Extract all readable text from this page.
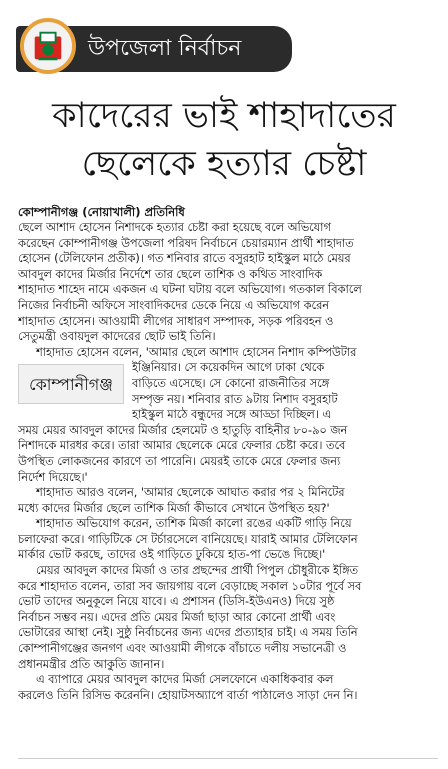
উপজেলা নির্বাচন
কাদেরের ভাই শাহাদাতের
ছেলেকে হত্যার চেষ্টা
কোম্পানীগঞ্জ (নোয়াখালী) প্রতিনিধি

ছেলে আশাদ হোসেন নিশাদকে হত্যার চেষ্টা করা হয়েছে বলে অভিযোগ
করেছেন কোম্পানীগঞ্জ উপজেলা পরিষদ নির্বাচনে চেয়ারম্যান প্রার্থী শাহাদাত
হোসেন (টেলিফোন প্রতীক)। গত শনিবার রাতে বসুরহাট হাইস্কুল মাঠে মেয়র
আবদুল কাদের মির্জার নির্দেশে তার ছেলে তাশিক ও কথিত সাংবাদিক
শাহাদাত শাহেদ নামে একজন এ ঘটনা ঘটায় বলে অভিযোগ। গতকাল বিকালে
নিজের নির্বাচনী অফিসে সাংবাদিকদের ডেকে নিয়ে এ অভিযোগ করেন
শাহাদাত হোসেন। আওয়ামী লীগের সাধারণ সম্পাদক, সড়ক পরিবহন ও
সেতুমন্ত্রী ওবায়দুল কাদেরের ছোট ভাই তিনি।

শাহাদাত হোসেন বলেন, 'আমার ছেলে আশাদ হোসেন নিশাদ কম্পিউটার

কোম্পানীগঞ্জ
ইঞ্জিনিয়ার। সে কয়েকদিন আগে ঢাকা থেকে
বাড়িতে এসেছে। সে কোনো রাজনীতির সঙ্গে
সম্পৃক্ত নয়। শনিবার রাত ৯টায় নিশাদ বসুরহাট
হাইস্কুল মাঠে বন্ধুদের সঙ্গে আড্ডা দিচ্ছিল। এ

সময় মেয়র আবদুল কাদের মির্জার হেলমেট ও হাতুড়ি বাহিনীর ৮০-৯০ জন
নিশাদকে মারধর করে। তারা আমার ছেলেকে মেরে ফেলার চেষ্টা করে। তবে
উপস্থিত লোকজনের কারণে তা পারেনি। মেয়রই তাকে মেরে ফেলার জন্য
নির্দেশ দিয়েছে।'

শাহাদাত আরও বলেন, 'আমার ছেলেকে আঘাত করার পর ২ মিনিটের
মধ্যে কাদের মির্জার ছেলে তাশিক মির্জা কীভাবে সেখানে উপস্থিত হয়?'

শাহাদাত অভিযোগ করেন, তাশিক মির্জা কালো রঙের একটি গাড়ি নিয়ে
চলাফেরা করে। গাড়িটিকে সে টর্চারসেলে বানিয়েছে। যারাই আমার টেলিফোন
মার্কার ভোট করছে, তাদের ওই গাড়িতে ঢুকিয়ে হাত-পা ভেঙে দিচ্ছে।'

মেয়র আবদুল কাদের মির্জা ও তার প্রছন্দের প্রার্থী পিপুল চৌধুরীকে ইঙ্গিত
করে শাহাদাত বলেন, তারা সব জায়গায় বলে বেড়াচ্ছে সকাল ১০টার পূর্বে সব
ভোট তাদের অনুকূলে নিয়ে যাবে। এ প্রশাসন (ডিসি-ইউএনও) দিয়ে সুষ্ঠ
নির্বাচন সম্ভব নয়। এদের প্রতি মেয়র মির্জা ছাড়া আর কোনো প্রার্থী এবং
ভোটারের আস্থা নেই। সুষ্ঠু নির্বাচনের জন্য এদের প্রত্যাহার চাই। এ সময় তিনি
কোম্পানীগঞ্জের জনগণ এবং আওয়ামী লীগকে বাঁচাতে দলীয় সভানেত্রী ও
প্রধানমন্ত্রীর প্রতি আকুতি জানান।

এ ব্যাপারে মেয়র আবদুল কাদের মির্জা সেলফোনে একাধিকবার কল
করলেও তিনি রিসিভ করেননি। হোয়াটসঅ্যাপে বার্তা পাঠালেও সাড়া দেন নি।
